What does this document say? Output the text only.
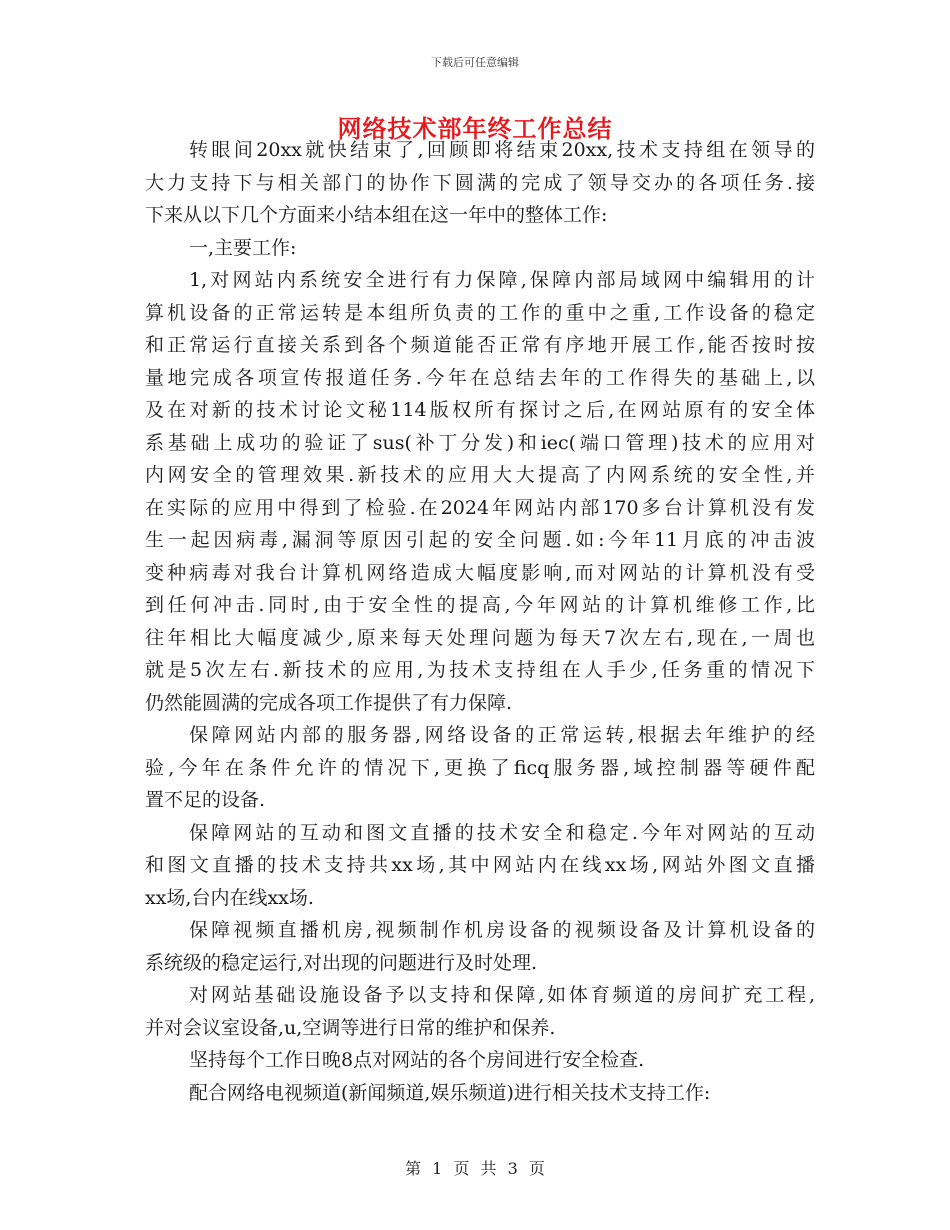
下载后可任意编辑
网络技术部年终工作总结
转眼间20xx就快结束了,回顾即将结束20xx,技术支持组在领导的
大力支持下与相关部门的协作下圆满的完成了领导交办的各项任务.接
下来从以下几个方面来小结本组在这一年中的整体工作:
一,主要工作:
1,对网站内系统安全进行有力保障,保障内部局域网中编辑用的计
算机设备的正常运转是本组所负责的工作的重中之重,工作设备的稳定
和正常运行直接关系到各个频道能否正常有序地开展工作,能否按时按
量地完成各项宣传报道任务.今年在总结去年的工作得失的基础上,以
及在对新的技术讨论文秘114版权所有探讨之后,在网站原有的安全体
系基础上成功的验证了sus(补丁分发)和iec(端口管理)技术的应用对
内网安全的管理效果.新技术的应用大大提高了内网系统的安全性,并
在实际的应用中得到了检验.在2024年网站内部170多台计算机没有发
生一起因病毒,漏洞等原因引起的安全问题.如:今年11月底的冲击波
变种病毒对我台计算机网络造成大幅度影响,而对网站的计算机没有受
到任何冲击.同时,由于安全性的提高,今年网站的计算机维修工作,比
往年相比大幅度减少,原来每天处理问题为每天7次左右,现在,一周也
就是5次左右.新技术的应用,为技术支持组在人手少,任务重的情况下
仍然能圆满的完成各项工作提供了有力保障.
保障网站内部的服务器,网络设备的正常运转,根据去年维护的经
验,今年在条件允许的情况下,更换了ficq服务器,域控制器等硬件配
置不足的设备.
保障网站的互动和图文直播的技术安全和稳定.今年对网站的互动
和图文直播的技术支持共xx场,其中网站内在线xx场,网站外图文直播
xx场,台内在线xx场.
保障视频直播机房,视频制作机房设备的视频设备及计算机设备的
系统级的稳定运行,对出现的问题进行及时处理.
对网站基础设施设备予以支持和保障,如体育频道的房间扩充工程,
并对会议室设备,u,空调等进行日常的维护和保养.
坚持每个工作日晚8点对网站的各个房间进行安全检查.
配合网络电视频道(新闻频道,娱乐频道)进行相关技术支持工作:
第 1 页 共 3 页
